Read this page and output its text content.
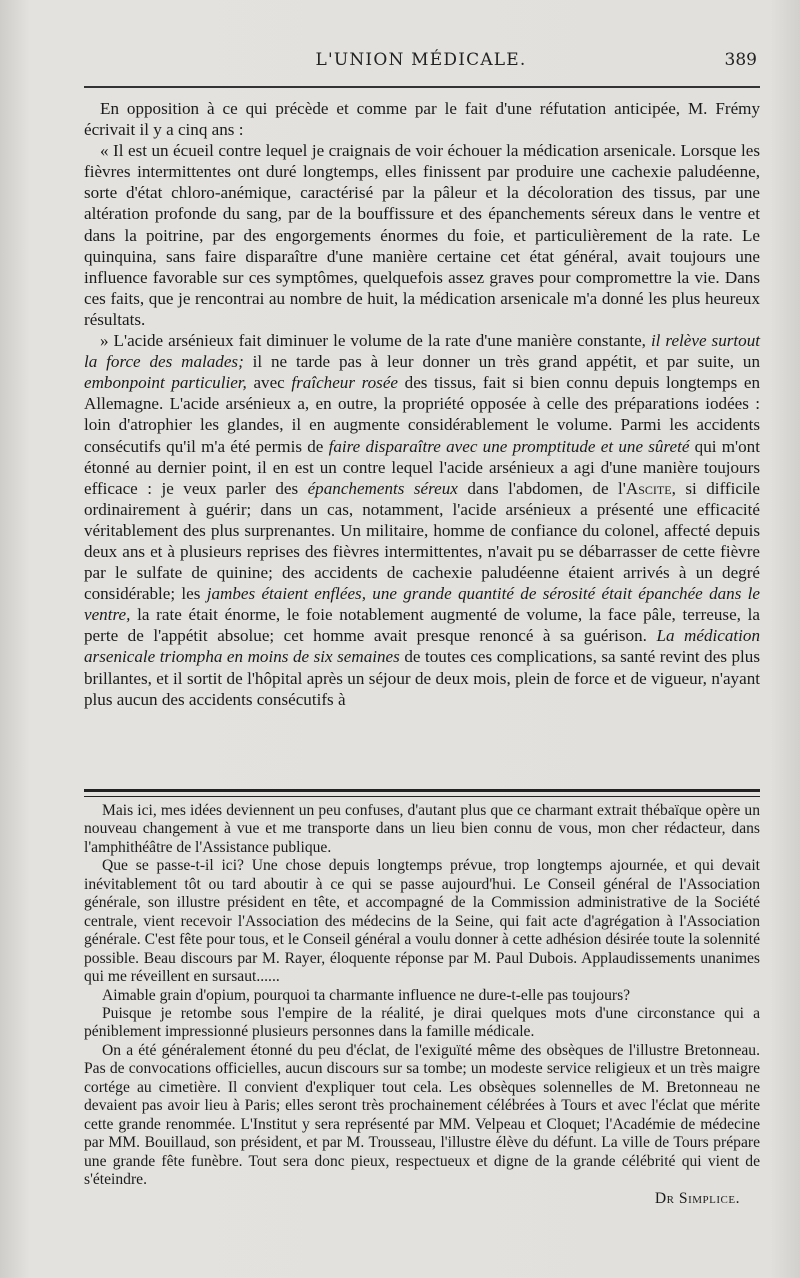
L'UNION MÉDICALE.	389

En opposition à ce qui précède et comme par le fait d'une réfutation anticipée, M. Frémy écrivait il y a cinq ans :

« Il est un écueil contre lequel je craignais de voir échouer la médication arsenicale. Lorsque les fièvres intermittentes ont duré longtemps, elles finissent par produire une cachexie paludéenne, sorte d'état chloro-anémique, caractérisé par la pâleur et la décoloration des tissus, par une altération profonde du sang, par de la bouffissure et des épanchements séreux dans le ventre et dans la poitrine, par des engorgements énormes du foie, et particulièrement de la rate. Le quinquina, sans faire disparaître d'une manière certaine cet état général, avait toujours une influence favorable sur ces symptômes, quelquefois assez graves pour compromettre la vie. Dans ces faits, que je rencontrai au nombre de huit, la médication arsenicale m'a donné les plus heureux résultats.

» L'acide arsénieux fait diminuer le volume de la rate d'une manière constante, il relève surtout la force des malades; il ne tarde pas à leur donner un très grand appétit, et par suite, un embonpoint particulier, avec fraîcheur rosée des tissus, fait si bien connu depuis longtemps en Allemagne. L'acide arsénieux a, en outre, la propriété opposée à celle des préparations iodées : loin d'atrophier les glandes, il en augmente considérablement le volume. Parmi les accidents consécutifs qu'il m'a été permis de faire disparaître avec une promptitude et une sûreté qui m'ont étonné au dernier point, il en est un contre lequel l'acide arsénieux a agi d'une manière toujours efficace : je veux parler des épanchements séreux dans l'abdomen, de l'Ascite, si difficile ordinairement à guérir; dans un cas, notamment, l'acide arsénieux a présenté une efficacité véritablement des plus surprenantes. Un militaire, homme de confiance du colonel, affecté depuis deux ans et à plusieurs reprises des fièvres intermittentes, n'avait pu se débarrasser de cette fièvre par le sulfate de quinine; des accidents de cachexie paludéenne étaient arrivés à un degré considérable; les jambes étaient enflées, une grande quantité de sérosité était épanchée dans le ventre, la rate était énorme, le foie notablement augmenté de volume, la face pâle, terreuse, la perte de l'appétit absolue; cet homme avait presque renoncé à sa guérison. La médication arsenicale triompha en moins de six semaines de toutes ces complications, sa santé revint des plus brillantes, et il sortit de l'hôpital après un séjour de deux mois, plein de force et de vigueur, n'ayant plus aucun des accidents consécutifs à

Mais ici, mes idées deviennent un peu confuses, d'autant plus que ce charmant extrait thébaïque opère un nouveau changement à vue et me transporte dans un lieu bien connu de vous, mon cher rédacteur, dans l'amphithéâtre de l'Assistance publique.

Que se passe-t-il ici? Une chose depuis longtemps prévue, trop longtemps ajournée, et qui devait inévitablement tôt ou tard aboutir à ce qui se passe aujourd'hui. Le Conseil général de l'Association générale, son illustre président en tête, et accompagné de la Commission administrative de la Société centrale, vient recevoir l'Association des médecins de la Seine, qui fait acte d'agrégation à l'Association générale. C'est fête pour tous, et le Conseil général a voulu donner à cette adhésion désirée toute la solennité possible. Beau discours par M. Rayer, éloquente réponse par M. Paul Dubois. Applaudissements unanimes qui me réveillent en sursaut......

Aimable grain d'opium, pourquoi ta charmante influence ne dure-t-elle pas toujours?

Puisque je retombe sous l'empire de la réalité, je dirai quelques mots d'une circonstance qui a péniblement impressionné plusieurs personnes dans la famille médicale.

On a été généralement étonné du peu d'éclat, de l'exiguïté même des obsèques de l'illustre Bretonneau. Pas de convocations officielles, aucun discours sur sa tombe; un modeste service religieux et un très maigre cortége au cimetière. Il convient d'expliquer tout cela. Les obsèques solennelles de M. Bretonneau ne devaient pas avoir lieu à Paris; elles seront très prochainement célébrées à Tours et avec l'éclat que mérite cette grande renommée. L'Institut y sera représenté par MM. Velpeau et Cloquet; l'Académie de médecine par MM. Bouillaud, son président, et par M. Trousseau, l'illustre élève du défunt. La ville de Tours prépare une grande fête funèbre. Tout sera donc pieux, respectueux et digne de la grande célébrité qui vient de s'éteindre.

Dr Simplice.
